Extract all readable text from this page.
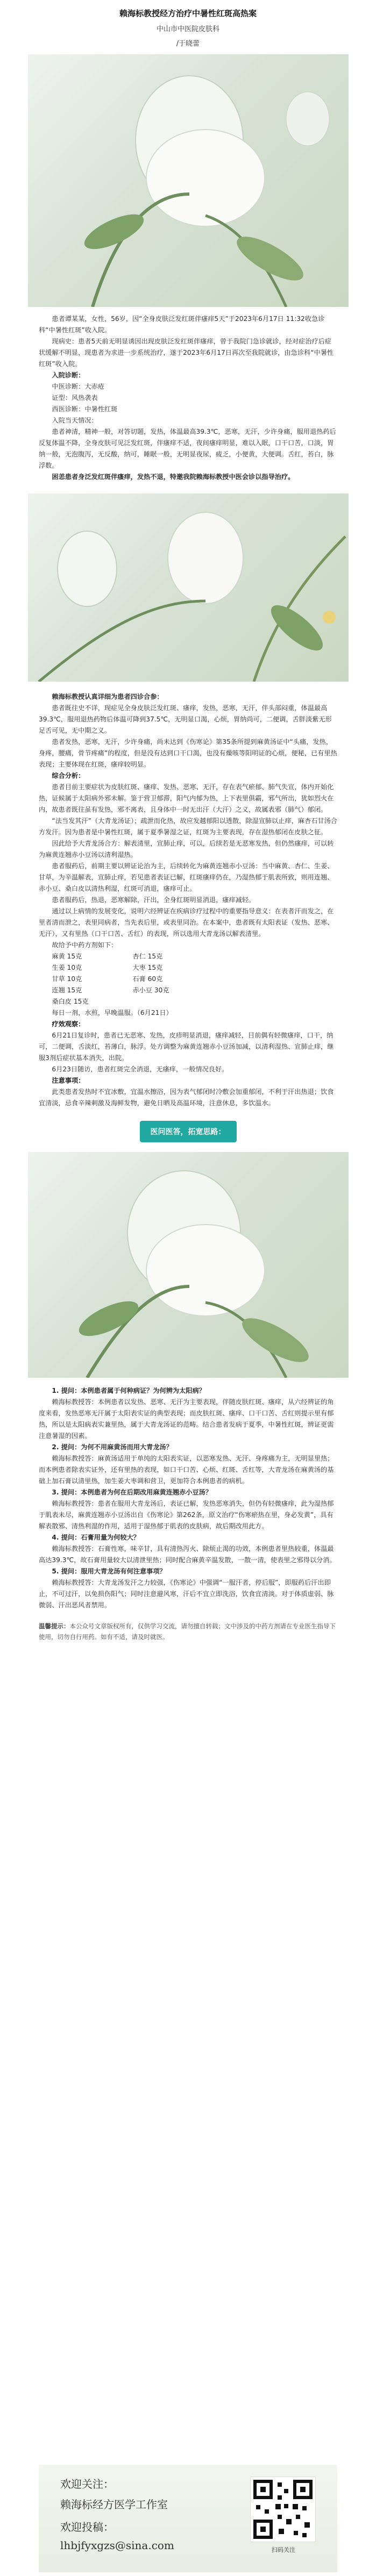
赖海标教授经方治疗中暑性红斑高热案

中山市中医院皮肤科

/于晓蕾

患者谭某某，女性，56岁，因“全身皮肤泛发红斑伴瘙痒5天”于2023年6月17日 11:32收急诊科“中暑性红斑”收入院。

现病史：患者5天前无明显诱因出现皮肤泛发红斑伴瘙痒，曾于我院门急诊就诊，经对症治疗后症状缓解不明显，现患者为求进一步系统治疗，遂于2023年6月17日再次至我院就诊，由急诊科“中暑性红斑”收入院。

入院诊断：

中医诊断：大赤疮

证型：风热袭表

西医诊断：中暑性红斑

入院当天情况：

患者神清，精神一般，对答切题，发热，体温最高39.3℃，恶寒，无汗，少许身痛，服用退热药后反复体温不降，全身皮肤可见泛发红斑，伴瘙痒不适，夜间瘙痒明显，难以入眠，口干口苦，口淡，胃纳一般，无泡腹泻，无反酸，纳可，睡眠一般，无明显夜尿，疲乏，小便黄，大便调。舌红，苔白，脉浮数。

困恙患者身泛发红斑伴瘙痒，发热不退，特邀我院赖海标教授中医会诊以指导治疗。

赖海标教授认真详细为患者四诊合参：

患者既往史不详，现症见全身皮肤泛发红斑、瘙痒，发热，恶寒，无汗，伴头部闷重，体温最高39.3℃，服用退热药物后体温可降到37.5℃，无明显口渴，心烦，胃纳尚可，二便调，舌胖淡紫无形足舌可见，无中期之义。

患者发热，恶寒，无汗，少许身痛，尚未达到《伤寒论》第35条所提到麻黄汤证中“头痛，发热，身疼，腰痛，骨节疼痛”的程度，但是没有达到口干口渴，也没有燥咳等阳明证的心烦，便秘，已有里热表现；主要体现在红斑，瘙痒较明显。

综合分析：

患者目前主要症状为皮肤红斑、瘙痒、发热、恶寒、无汗，存在表气瘀郁、肺气失宣，体内开始化热，证候属于太阳病外邪未解。鉴于营卫郁滞，阳气内郁为热，上下表里俱霸，邪气所出，犹如烈火在内，故患者既往虽有发热，邪不离表，且身体中一时无出汗（大汗）之义，故属表邪（肺气）郁闭。

“法当发其汗”（大青龙汤证）；疏泄而化热，故应发越郁阳以透散，除湿宣肺以止痒，麻杏石甘汤合方发汗。因为患者是中暑性红斑，属于夏季暑湿之证，红斑为主要表现，存在湿热郁闭在皮肤之征。

因此给予大青龙汤合方：解表清里，宣肺止痒，可以，后续若是无恶寒发热，但仍然瘙痒，可以转为麻黄连翘赤小豆汤以清利湿热。

患者服药后，前期主要以辨证论治为主，后续转化为麻黄连翘赤小豆汤：当中麻黄、杏仁、生姜、甘草，为辛温解表，宣肺止痒，若见患者表证已解，红斑瘙痒仍在，乃湿热郁于肌表所致，则用连翘、赤小豆、桑白皮以清热利湿，红斑可消退，瘙痒可止。

患者服药后，热退，恶寒解除，汗出，全身红斑明显消退，瘙痒减轻。

通过以上病情的发展变化，说明六经辨证在疾病诊疗过程中的重要指导意义：在表者汗而发之，在里者清而泄之，表里同病者，当先表后里，或表里同治。在本案中，患者既有太阳表证（发热、恶寒、无汗），又有里热（口干口苦、舌红）的表现，所以选用大青龙汤以解表清里。

故给予中药方剂如下：

麻黄 15克	杏仁 15克
生姜 10克	大枣 15克
甘草 10克	石膏 60克
连翘 15克	赤小豆 30克
桑白皮 15克

每日一剂，水煎，早晚温服。（6月21日）

疗效观察：

6月21日复诊时，患者已无恶寒、发热，皮疹明显消退，瘙痒减轻，目前偶有轻微瘙痒，口干，纳可，二便调，舌淡红，苔薄白，脉浮。处方调整为麻黄连翘赤小豆汤加减，以清利湿热、宣肺止痒，继服3剂后症状基本消失，出院。

6月23日随访，患者红斑完全消退，无瘙痒，一般情况良好。

注意事项：

此类患者发热时不宜冰敷，宜温水擦浴，因为表气郁闭时冷敷会加重郁闭，不利于汗出热退；饮食宜清淡，忌食辛辣刺激及海鲜发物，避免日晒及高温环境，注意休息，多饮温水。

医问医答，拓宽思路：

1. 提问：本例患者属于何种病证？为何辨为太阳病？

赖海标教授答：本例患者以发热、恶寒、无汗为主要表现，伴随皮肤红斑、瘙痒，从六经辨证的角度来看，发热恶寒无汗属于太阳表实证的典型表现；而皮肤红斑、瘙痒、口干口苦、舌红则提示里有郁热，所以是太阳病表实兼里热，属于大青龙汤证的范畴。结合患者发病于夏季，中暑性红斑，辨证更需注意暑湿的因素。

2. 提问：为何不用麻黄汤而用大青龙汤？

赖海标教授答：麻黄汤适用于单纯的太阳表实证，以恶寒发热、无汗、身疼痛为主，无明显里热；而本例患者除表实证外，还有里热的表现，如口干口苦、心烦、红斑、舌红等，大青龙汤在麻黄汤的基础上加石膏以清里热，加生姜大枣调和营卫，更加符合本例患者的病机。

3. 提问：本例患者为何在后期改用麻黄连翘赤小豆汤？

赖海标教授答：患者在服用大青龙汤后，表证已解，发热恶寒消失，但仍有轻微瘙痒，此为湿热郁于肌表未尽，麻黄连翘赤小豆汤出自《伤寒论》第262条，原文治疗“伤寒瘀热在里，身必发黄”，具有解表散邪、清热利湿的作用，适用于湿热郁于肌表的皮肤病，故后期改用此方。

4. 提问：石膏用量为何较大？

赖海标教授答：石膏性寒，味辛甘，具有清热泻火、除烦止渴的功效，本例患者里热较重，体温最高达39.3℃，故石膏用量较大以清泄里热；同时配合麻黄辛温发散，一散一清，使表里之邪得以分消。

5. 提问：服用大青龙汤有何注意事项？

赖海标教授答：大青龙汤发汗之力较强，《伤寒论》中强调“一服汗者，停后服”，即服药后汗出即止，不可过汗，以免损伤阳气；同时注意避风寒，汗后不宜立即洗浴，饮食宜清淡。对于体质虚弱、脉微弱、汗出恶风者禁用。

温馨提示：本公众号文章版权所有，仅供学习交流，请勿擅自转载；文中涉及的中药方剂请在专业医生指导下使用，切勿自行用药。如有不适，请及时就医。
欢迎关注：
赖海标经方医学工作室
欢迎投稿：
lhbjfyxgzs@sina.com	扫码关注
